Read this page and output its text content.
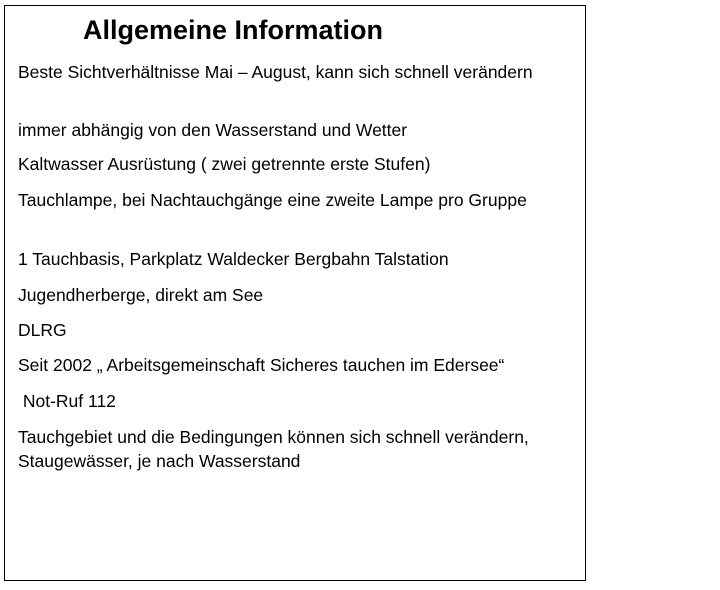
Allgemeine Information

Beste Sichtverhältnisse Mai – August, kann sich schnell verändern

immer abhängig von den Wasserstand und Wetter

Kaltwasser Ausrüstung ( zwei getrennte erste Stufen)

Tauchlampe, bei Nachtauchgänge eine zweite Lampe pro Gruppe

1 Tauchbasis, Parkplatz Waldecker Bergbahn Talstation

Jugendherberge, direkt am See

DLRG

Seit 2002 „ Arbeitsgemeinschaft Sicheres tauchen im Edersee“

Not-Ruf 112

Tauchgebiet und die Bedingungen können sich schnell verändern, Staugewässer, je nach Wasserstand
